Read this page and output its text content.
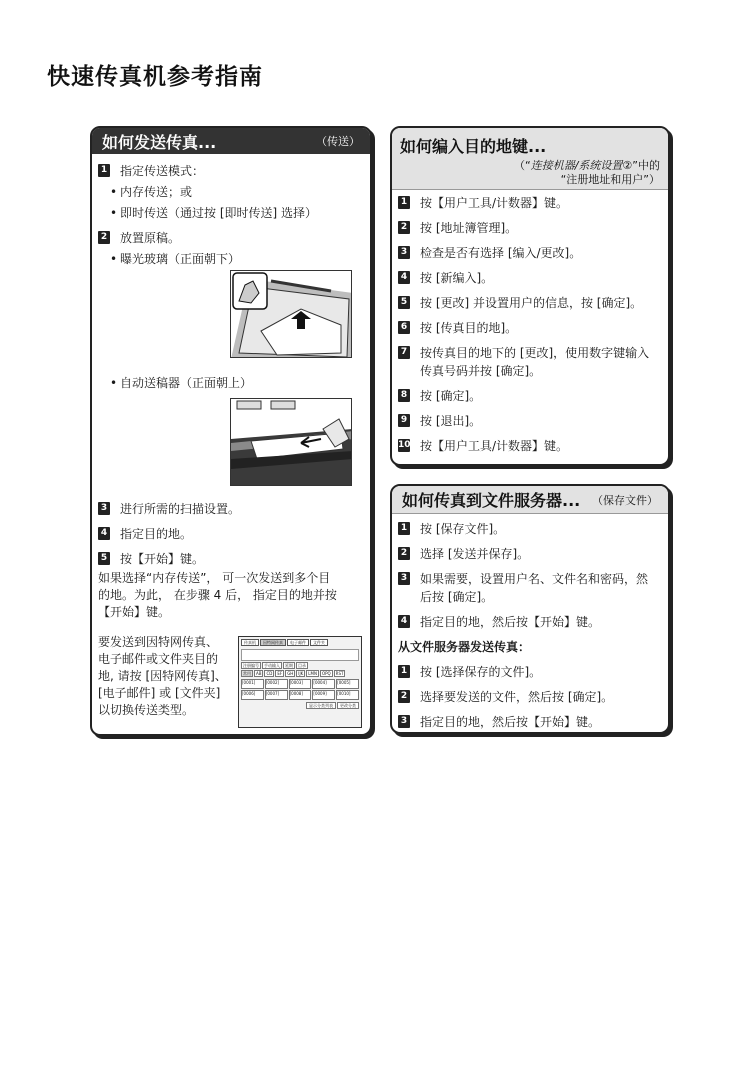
快速传真机参考指南
如何发送传真...	（传送）
1 指定传送模式：
• 内存传送；或
• 即时传送（通过按 [即时传送] 选择）
2 放置原稿。
• 曝光玻璃（正面朝下）
• 自动送稿器（正面朝上）
3 进行所需的扫描设置。
4 指定目的地。
5 按【开始】键。
如果选择“内存传送”， 可一次发送到多个目
的地。为此， 在步骤 4 后， 指定目的地并按
【开始】键。
要发送到因特网传真、
电子邮件或文件夹目的
地, 请按 [因特网传真]、
[电子邮件] 或 [文件夹]
以切换传送类型。
传真机	因特网传真	电子邮件	文件夹
注册编号	手动输入	延期	目录
常用	AB	CD	EF	GH	IJK	LMN	OPQ	RST
[0001]	[0002]	[0003]	[0004]	[0005]
[0006]	[0007]	[0008]	[0009]	[0010]
显示分类列表	更改分类
如何编入目的地键...
（“连接机器/系统设置②”中的
“注册地址和用户”）
1 按【用户工具/计数器】键。
2 按 [地址簿管理]。
3 检查是否有选择 [编入/更改]。
4 按 [新编入]。
5 按 [更改] 并设置用户的信息，按 [确定]。
6 按 [传真目的地]。
7 按传真目的地下的 [更改]，使用数字键输入
传真号码并按 [确定]。
8 按 [确定]。
9 按 [退出]。
10 按【用户工具/计数器】键。
如何传真到文件服务器... （保存文件）
1 按 [保存文件]。
2 选择 [发送并保存]。
3 如果需要，设置用户名、文件名和密码，然
后按 [确定]。
4 指定目的地，然后按【开始】键。
从文件服务器发送传真：
1 按 [选择保存的文件]。
2 选择要发送的文件，然后按 [确定]。
3 指定目的地，然后按【开始】键。
